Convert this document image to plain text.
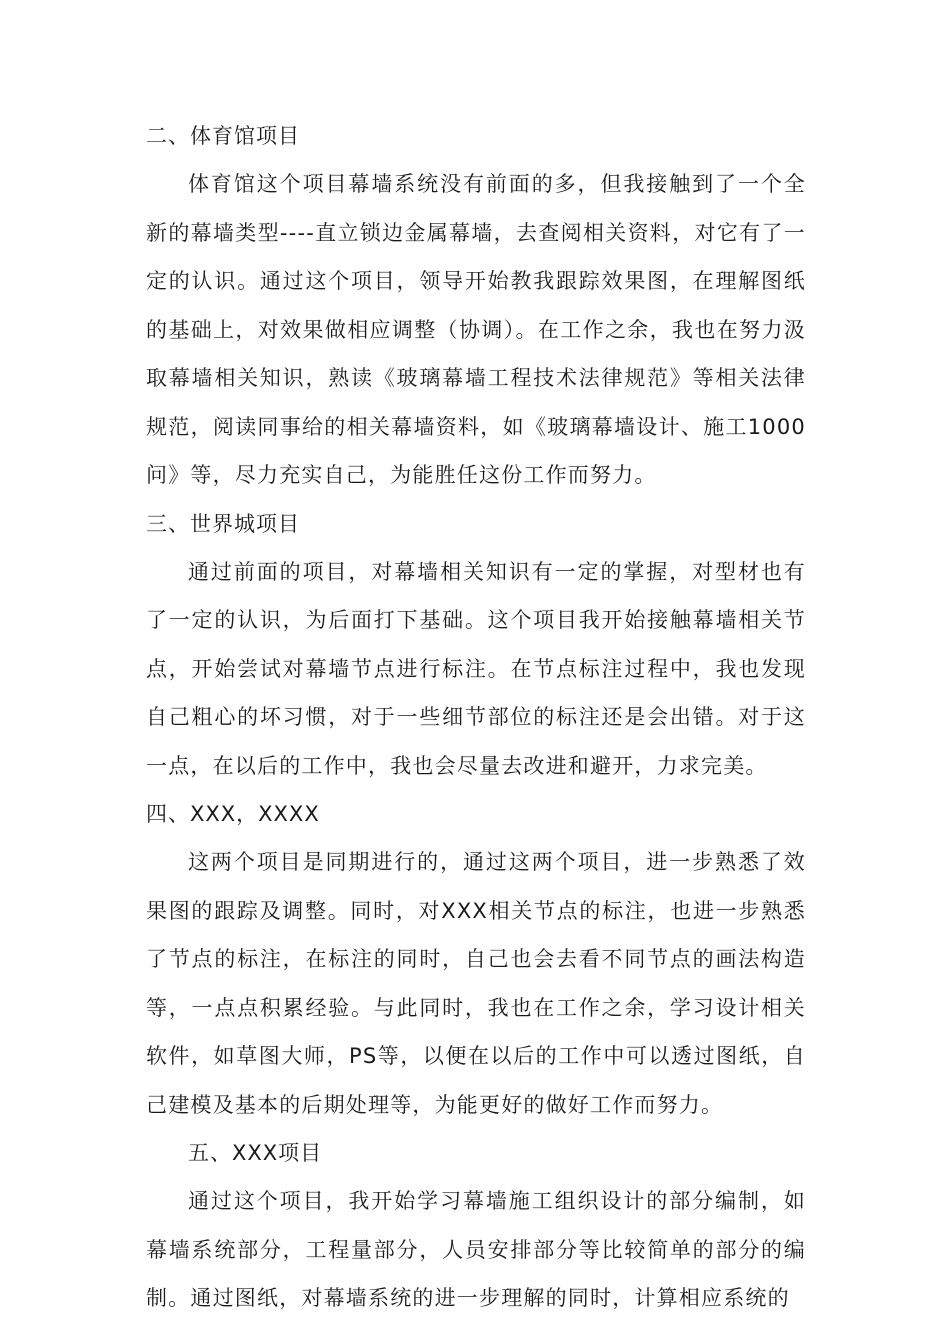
二、体育馆项目

体育馆这个项目幕墙系统没有前面的多，但我接触到了一个全新的幕墙类型----直立锁边金属幕墙，去查阅相关资料，对它有了一定的认识。通过这个项目，领导开始教我跟踪效果图，在理解图纸的基础上，对效果做相应调整（协调）。在工作之余，我也在努力汲取幕墙相关知识，熟读《玻璃幕墙工程技术法律规范》等相关法律规范，阅读同事给的相关幕墙资料，如《玻璃幕墙设计、施工1000问》等，尽力充实自己，为能胜任这份工作而努力。

三、世界城项目

通过前面的项目，对幕墙相关知识有一定的掌握，对型材也有了一定的认识，为后面打下基础。这个项目我开始接触幕墙相关节点，开始尝试对幕墙节点进行标注。在节点标注过程中，我也发现自己粗心的坏习惯，对于一些细节部位的标注还是会出错。对于这一点，在以后的工作中，我也会尽量去改进和避开，力求完美。

四、XXX，XXXX

这两个项目是同期进行的，通过这两个项目，进一步熟悉了效果图的跟踪及调整。同时，对XXX相关节点的标注，也进一步熟悉了节点的标注，在标注的同时，自己也会去看不同节点的画法构造等，一点点积累经验。与此同时，我也在工作之余，学习设计相关软件，如草图大师，PS等，以便在以后的工作中可以透过图纸，自己建模及基本的后期处理等，为能更好的做好工作而努力。

五、XXX项目

通过这个项目，我开始学习幕墙施工组织设计的部分编制，如幕墙系统部分，工程量部分，人员安排部分等比较简单的部分的编制。通过图纸，对幕墙系统的进一步理解的同时，计算相应系统的
